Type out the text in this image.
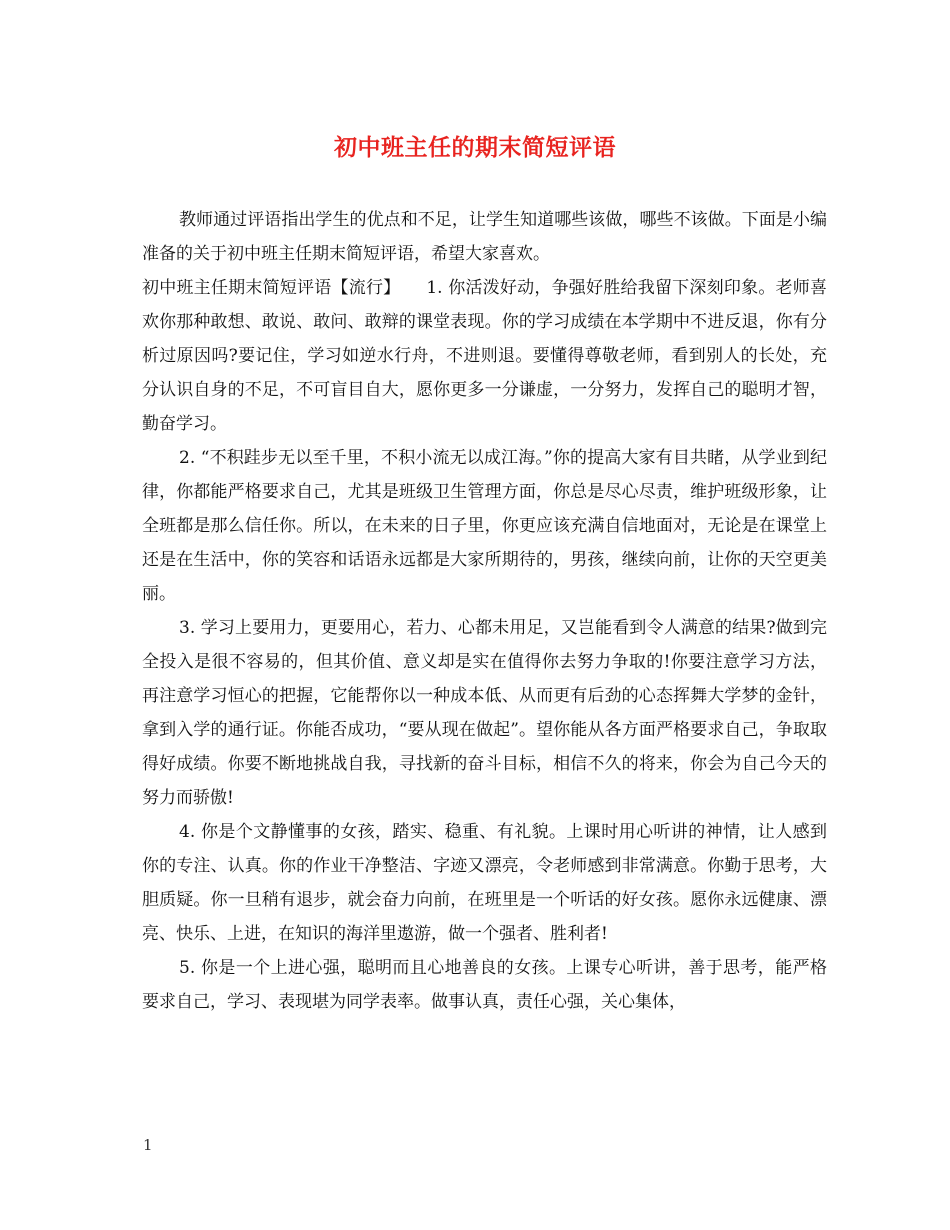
初中班主任的期末简短评语

教师通过评语指出学生的优点和不足，让学生知道哪些该做，哪些不该做。下面是小编准备的关于初中班主任期末简短评语，希望大家喜欢。

初中班主任期末简短评语【流行】　　1. 你活泼好动，争强好胜给我留下深刻印象。老师喜欢你那种敢想、敢说、敢问、敢辩的课堂表现。你的学习成绩在本学期中不进反退，你有分析过原因吗?要记住，学习如逆水行舟，不进则退。要懂得尊敬老师，看到别人的长处，充分认识自身的不足，不可盲目自大，愿你更多一分谦虚，一分努力，发挥自己的聪明才智，勤奋学习。

2. “不积跬步无以至千里，不积小流无以成江海。”你的提高大家有目共睹，从学业到纪律，你都能严格要求自己，尤其是班级卫生管理方面，你总是尽心尽责，维护班级形象，让全班都是那么信任你。所以，在未来的日子里，你更应该充满自信地面对，无论是在课堂上还是在生活中，你的笑容和话语永远都是大家所期待的，男孩，继续向前，让你的天空更美丽。

3. 学习上要用力，更要用心，若力、心都未用足，又岂能看到令人满意的结果?做到完全投入是很不容易的，但其价值、意义却是实在值得你去努力争取的!你要注意学习方法，再注意学习恒心的把握，它能帮你以一种成本低、从而更有后劲的心态挥舞大学梦的金针，拿到入学的通行证。你能否成功，“要从现在做起”。望你能从各方面严格要求自己，争取取得好成绩。你要不断地挑战自我，寻找新的奋斗目标，相信不久的将来，你会为自己今天的努力而骄傲!

4. 你是个文静懂事的女孩，踏实、稳重、有礼貌。上课时用心听讲的神情，让人感到你的专注、认真。你的作业干净整洁、字迹又漂亮，令老师感到非常满意。你勤于思考，大胆质疑。你一旦稍有退步，就会奋力向前，在班里是一个听话的好女孩。愿你永远健康、漂亮、快乐、上进，在知识的海洋里遨游，做一个强者、胜利者!

5. 你是一个上进心强，聪明而且心地善良的女孩。上课专心听讲，善于思考，能严格要求自己，学习、表现堪为同学表率。做事认真，责任心强，关心集体，

1
